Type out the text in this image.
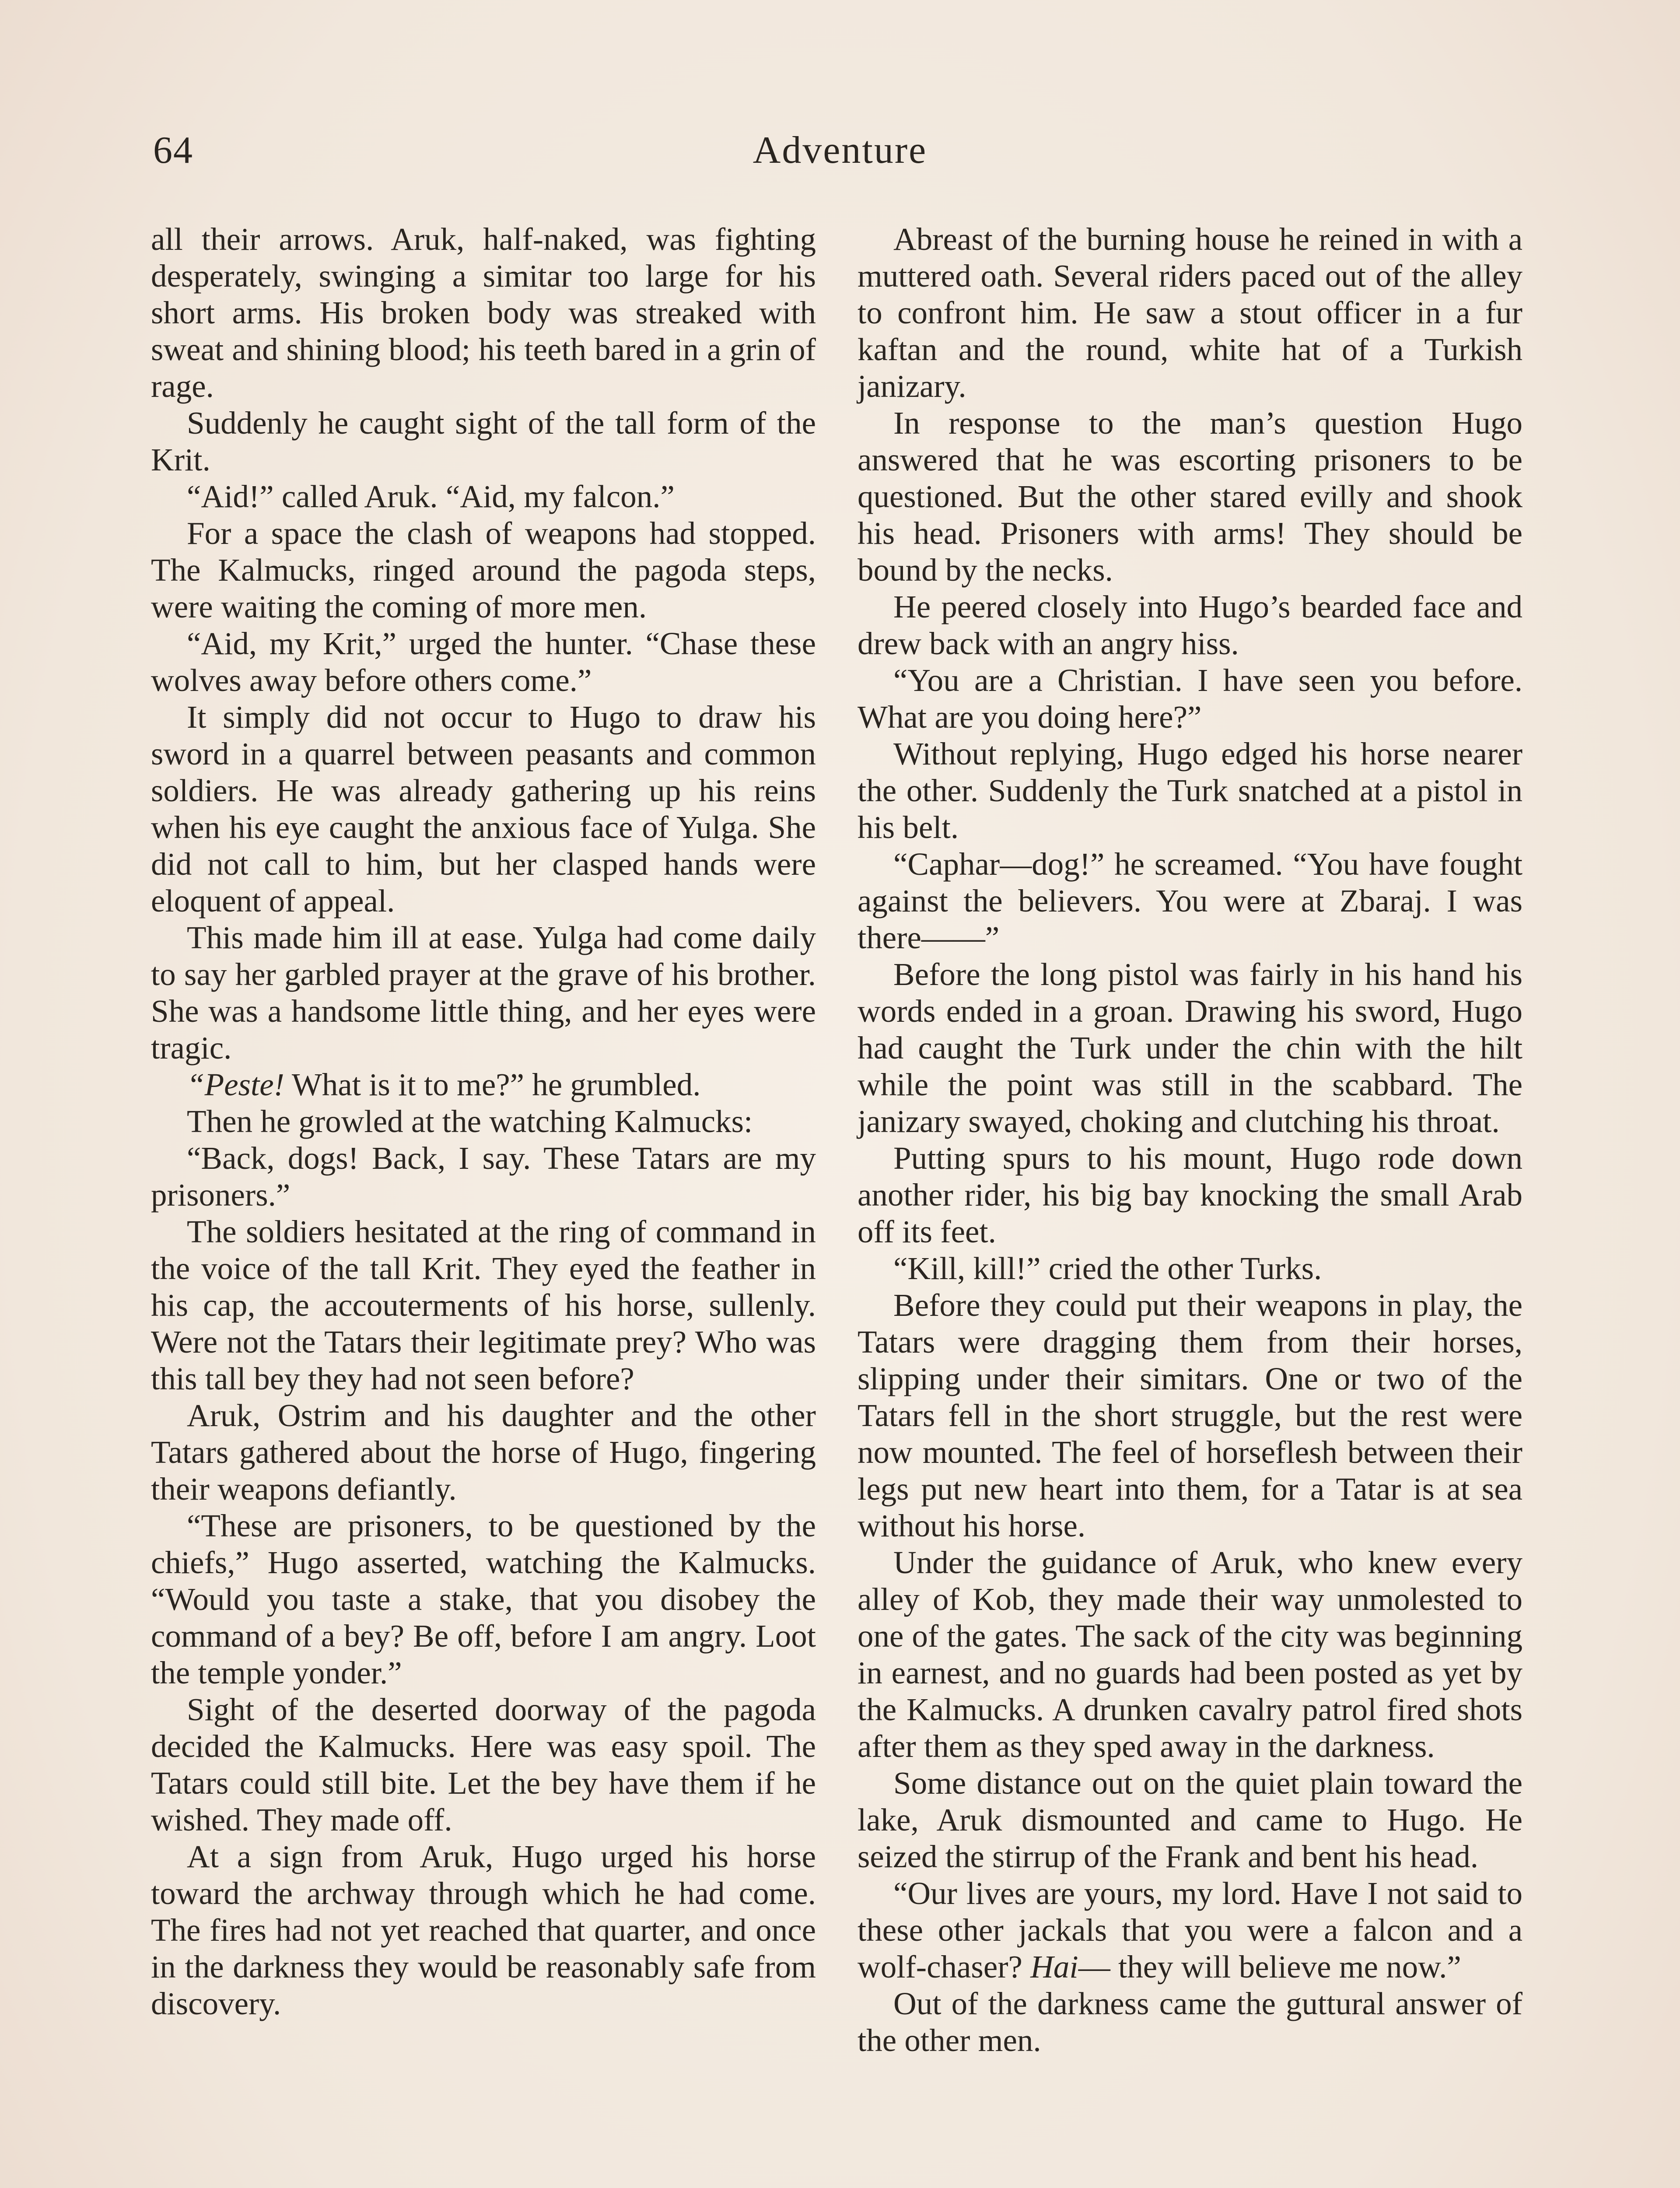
64	Adventure

all their arrows. Aruk, half-naked, was fighting desperately, swinging a simitar too large for his short arms. His broken body was streaked with sweat and shining blood; his teeth bared in a grin of rage.

Suddenly he caught sight of the tall form of the Krit.

“Aid!” called Aruk. “Aid, my falcon.”

For a space the clash of weapons had stopped. The Kalmucks, ringed around the pagoda steps, were waiting the coming of more men.

“Aid, my Krit,” urged the hunter. “Chase these wolves away before others come.”

It simply did not occur to Hugo to draw his sword in a quarrel between peasants and common soldiers. He was already gathering up his reins when his eye caught the anxious face of Yulga. She did not call to him, but her clasped hands were eloquent of appeal.

This made him ill at ease. Yulga had come daily to say her garbled prayer at the grave of his brother. She was a handsome little thing, and her eyes were tragic.

“Peste! What is it to me?” he grumbled.

Then he growled at the watching Kalmucks:

“Back, dogs! Back, I say. These Tatars are my prisoners.”

The soldiers hesitated at the ring of command in the voice of the tall Krit. They eyed the feather in his cap, the accouterments of his horse, sullenly. Were not the Tatars their legitimate prey? Who was this tall bey they had not seen before?

Aruk, Ostrim and his daughter and the other Tatars gathered about the horse of Hugo, fingering their weapons defiantly.

“These are prisoners, to be questioned by the chiefs,” Hugo asserted, watching the Kalmucks. “Would you taste a stake, that you disobey the command of a bey? Be off, before I am angry. Loot the temple yonder.”

Sight of the deserted doorway of the pagoda decided the Kalmucks. Here was easy spoil. The Tatars could still bite. Let the bey have them if he wished. They made off.

At a sign from Aruk, Hugo urged his horse toward the archway through which he had come. The fires had not yet reached that quarter, and once in the darkness they would be reasonably safe from discovery.

Abreast of the burning house he reined in with a muttered oath. Several riders paced out of the alley to confront him. He saw a stout officer in a fur kaftan and the round, white hat of a Turkish janizary.

In response to the man’s question Hugo answered that he was escorting prisoners to be questioned. But the other stared evilly and shook his head. Prisoners with arms! They should be bound by the necks.

He peered closely into Hugo’s bearded face and drew back with an angry hiss.

“You are a Christian. I have seen you before. What are you doing here?”

Without replying, Hugo edged his horse nearer the other. Suddenly the Turk snatched at a pistol in his belt.

“Caphar—dog!” he screamed. “You have fought against the believers. You were at Zbaraj. I was there——”

Before the long pistol was fairly in his hand his words ended in a groan. Drawing his sword, Hugo had caught the Turk under the chin with the hilt while the point was still in the scabbard. The janizary swayed, choking and clutching his throat.

Putting spurs to his mount, Hugo rode down another rider, his big bay knocking the small Arab off its feet.

“Kill, kill!” cried the other Turks.

Before they could put their weapons in play, the Tatars were dragging them from their horses, slipping under their simitars. One or two of the Tatars fell in the short struggle, but the rest were now mounted. The feel of horseflesh between their legs put new heart into them, for a Tatar is at sea without his horse.

Under the guidance of Aruk, who knew every alley of Kob, they made their way unmolested to one of the gates. The sack of the city was beginning in earnest, and no guards had been posted as yet by the Kalmucks. A drunken cavalry patrol fired shots after them as they sped away in the darkness.

Some distance out on the quiet plain toward the lake, Aruk dismounted and came to Hugo. He seized the stirrup of the Frank and bent his head.

“Our lives are yours, my lord. Have I not said to these other jackals that you were a falcon and a wolf-chaser? Hai— they will believe me now.”

Out of the darkness came the guttural answer of the other men.
